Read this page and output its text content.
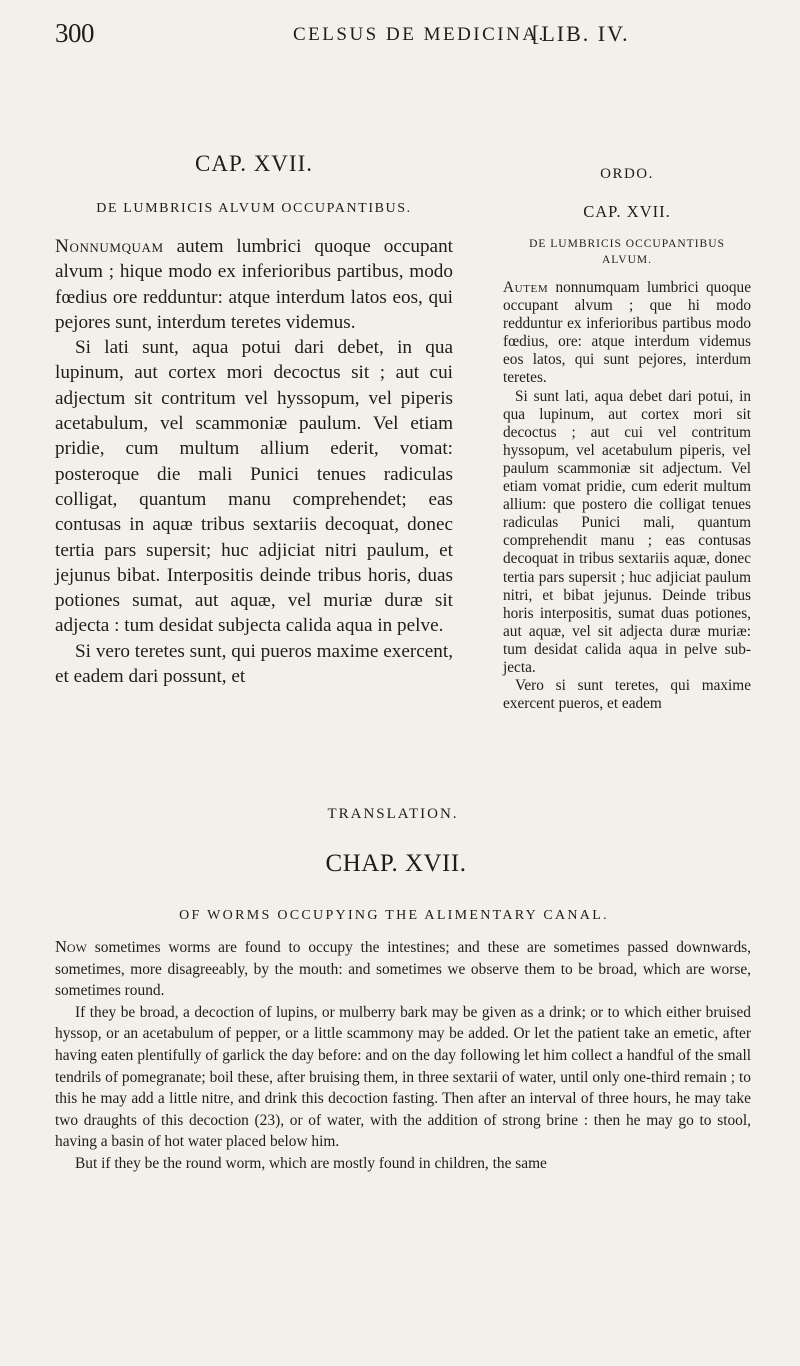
300	CELSUS DE MEDICINA.
[LIB. IV.
CAP. XVII.
DE LUMBRICIS ALVUM OCCUPANTIBUS.

Nonnumquam autem lumbrici quoque occupant alvum ; hique modo ex inferioribus partibus, modo fœdius ore redduntur: atque interdum latos eos, qui pejores sunt, interdum teretes videmus.

Si lati sunt, aqua potui dari debet, in qua lupinum, aut cortex mori decoctus sit ; aut cui adjectum sit contritum vel hyssopum, vel piperis acetabulum, vel scammoniæ paulum. Vel etiam pridie, cum multum allium ederit, vomat: posteroque die mali Punici tenues radiculas colligat, quantum manu comprehendet; eas contusas in aquæ tribus sextariis decoquat, donec tertia pars supersit; huc adjiciat nitri paulum, et jejunus bibat. Interpositis deinde tribus horis, duas potiones sumat, aut aquæ, vel muriæ duræ sit adjecta : tum desidat subjecta calida aqua in pelve.

Si vero teretes sunt, qui pueros maxime exercent, et eadem dari possunt, et

ORDO.
CAP. XVII.
DE LUMBRICIS OCCUPANTIBUS ALVUM.

Autem nonnumquam lumbrici quoque occupant alvum ; que hi modo redduntur ex inferioribus partibus modo fœdius, ore: atque interdum videmus eos latos, qui sunt pejores, interdum teretes.

Si sunt lati, aqua debet dari potui, in qua lupinum, aut cortex mori sit decoctus ; aut cui vel contritum hyssopum, vel acetabulum piperis, vel paulum scammoniæ sit adjectum. Vel etiam vomat pridie, cum ederit multum allium: que postero die colligat tenues radiculas Punici mali, quantum comprehendit manu ; eas contusas decoquat in tribus sextariis aquæ, donec tertia pars supersit ; huc adjiciat paulum nitri, et bibat jejunus. Deinde tribus horis interpositis, sumat duas potiones, aut aquæ, vel sit adjecta duræ muriæ: tum desidat calida aqua in pelve subjecta.

Vero si sunt teretes, qui maxime exercent pueros, et eadem

TRANSLATION.
CHAP. XVII.
OF WORMS OCCUPYING THE ALIMENTARY CANAL.

Now sometimes worms are found to occupy the intestines; and these are sometimes passed downwards, sometimes, more disagreeably, by the mouth: and sometimes we observe them to be broad, which are worse, sometimes round.

If they be broad, a decoction of lupins, or mulberry bark may be given as a drink; or to which either bruised hyssop, or an acetabulum of pepper, or a little scammony may be added. Or let the patient take an emetic, after having eaten plentifully of garlick the day before: and on the day following let him collect a handful of the small tendrils of pomegranate; boil these, after bruising them, in three sextarii of water, until only one-third remain ; to this he may add a little nitre, and drink this decoction fasting. Then after an interval of three hours, he may take two draughts of this decoction (23), or of water, with the addition of strong brine : then he may go to stool, having a basin of hot water placed below him.

But if they be the round worm, which are mostly found in children, the same
